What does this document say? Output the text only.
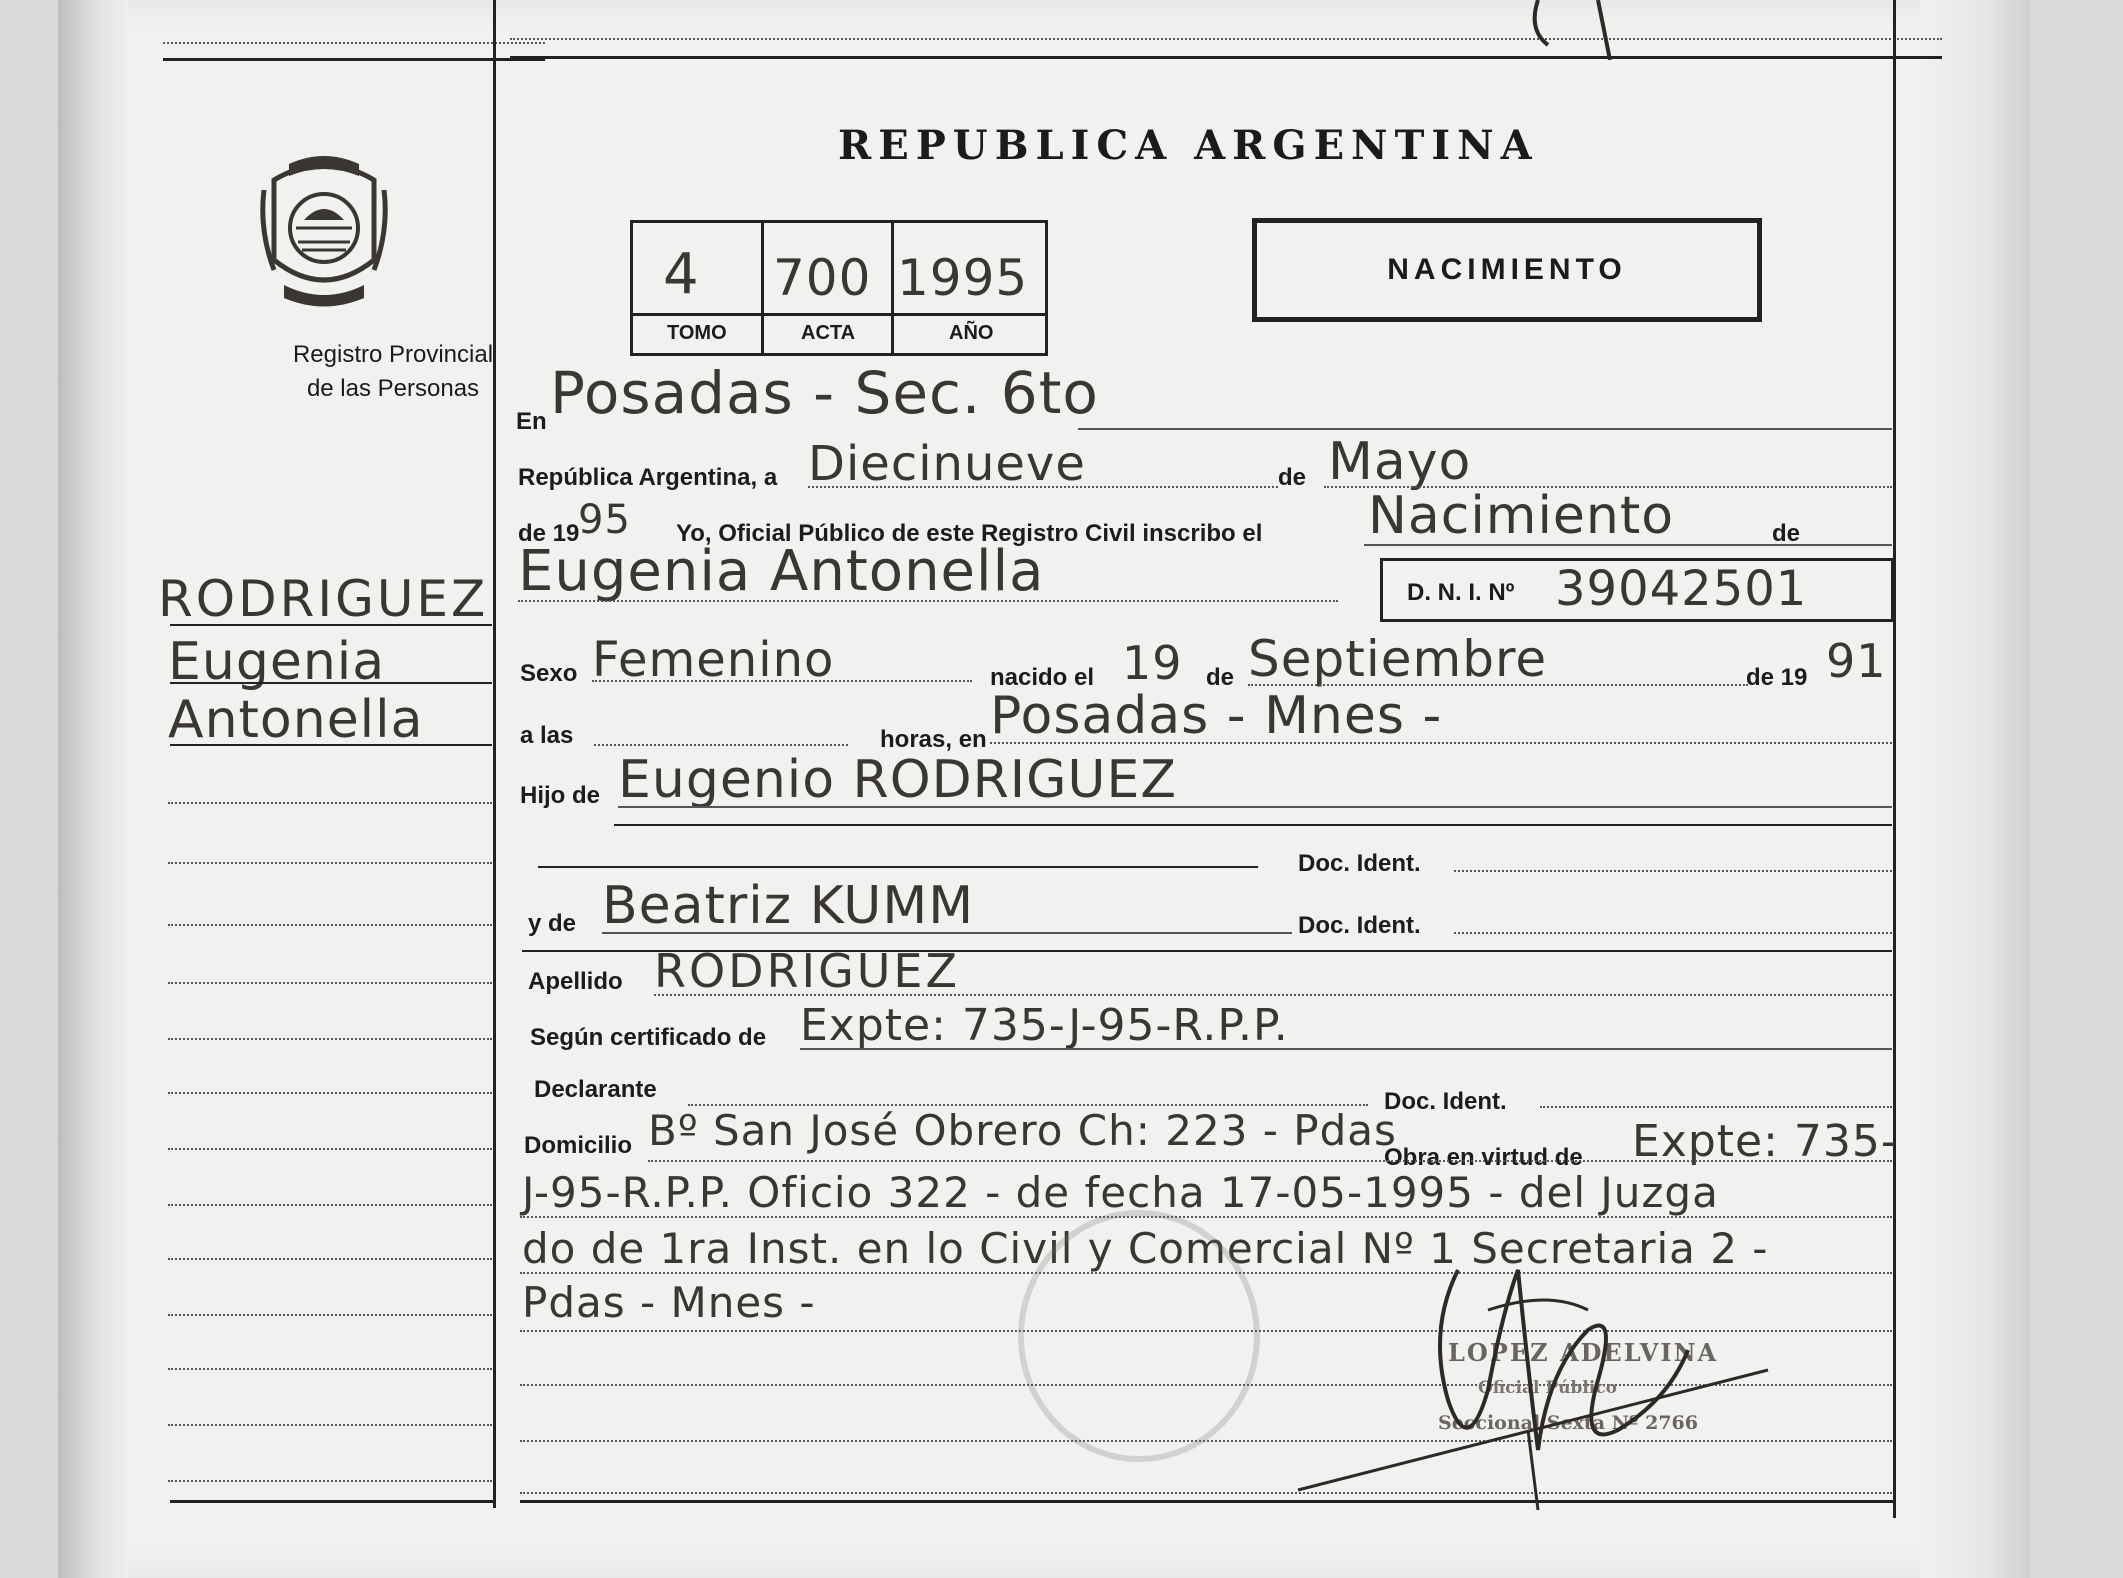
REPUBLICA ARGENTINA
Registro Provincial
de las Personas
4 700 1995
TOMO	ACTA	AÑO
NACIMIENTO
RODRIGUEZ
Eugenia
Antonella
En Posadas - Sec. 6to
República Argentina, a Diecinueve	de Mayo
de 19
95 Yo, Oficial Público de este Registro Civil inscribo el Nacimiento	de
Eugenia Antonella	D. N. I. Nº 39042501
Sexo Femenino	nacido el 19 de Septiembre	de 19 91
a las	horas, en Posadas - Mnes -
Hijo de Eugenio RODRIGUEZ
Doc. Ident.
y de Beatriz KUMM	Doc. Ident.
Apellido RODRIGUEZ
Según certificado de Expte: 735-J-95-R.P.P.
Declarante	Doc. Ident.
Domicilio Bº San José Obrero Ch: 223 - Pdas
Obra en virtud de Expte: 735-
J-95-R.P.P. Oficio 322 - de fecha 17-05-1995 - del Juzga
do de 1ra Inst. en lo Civil y Comercial Nº 1 Secretaria 2 -
Pdas - Mnes -
LOPEZ ADELVINA
Oficial Público
Seccional Sexta Nº 2766
